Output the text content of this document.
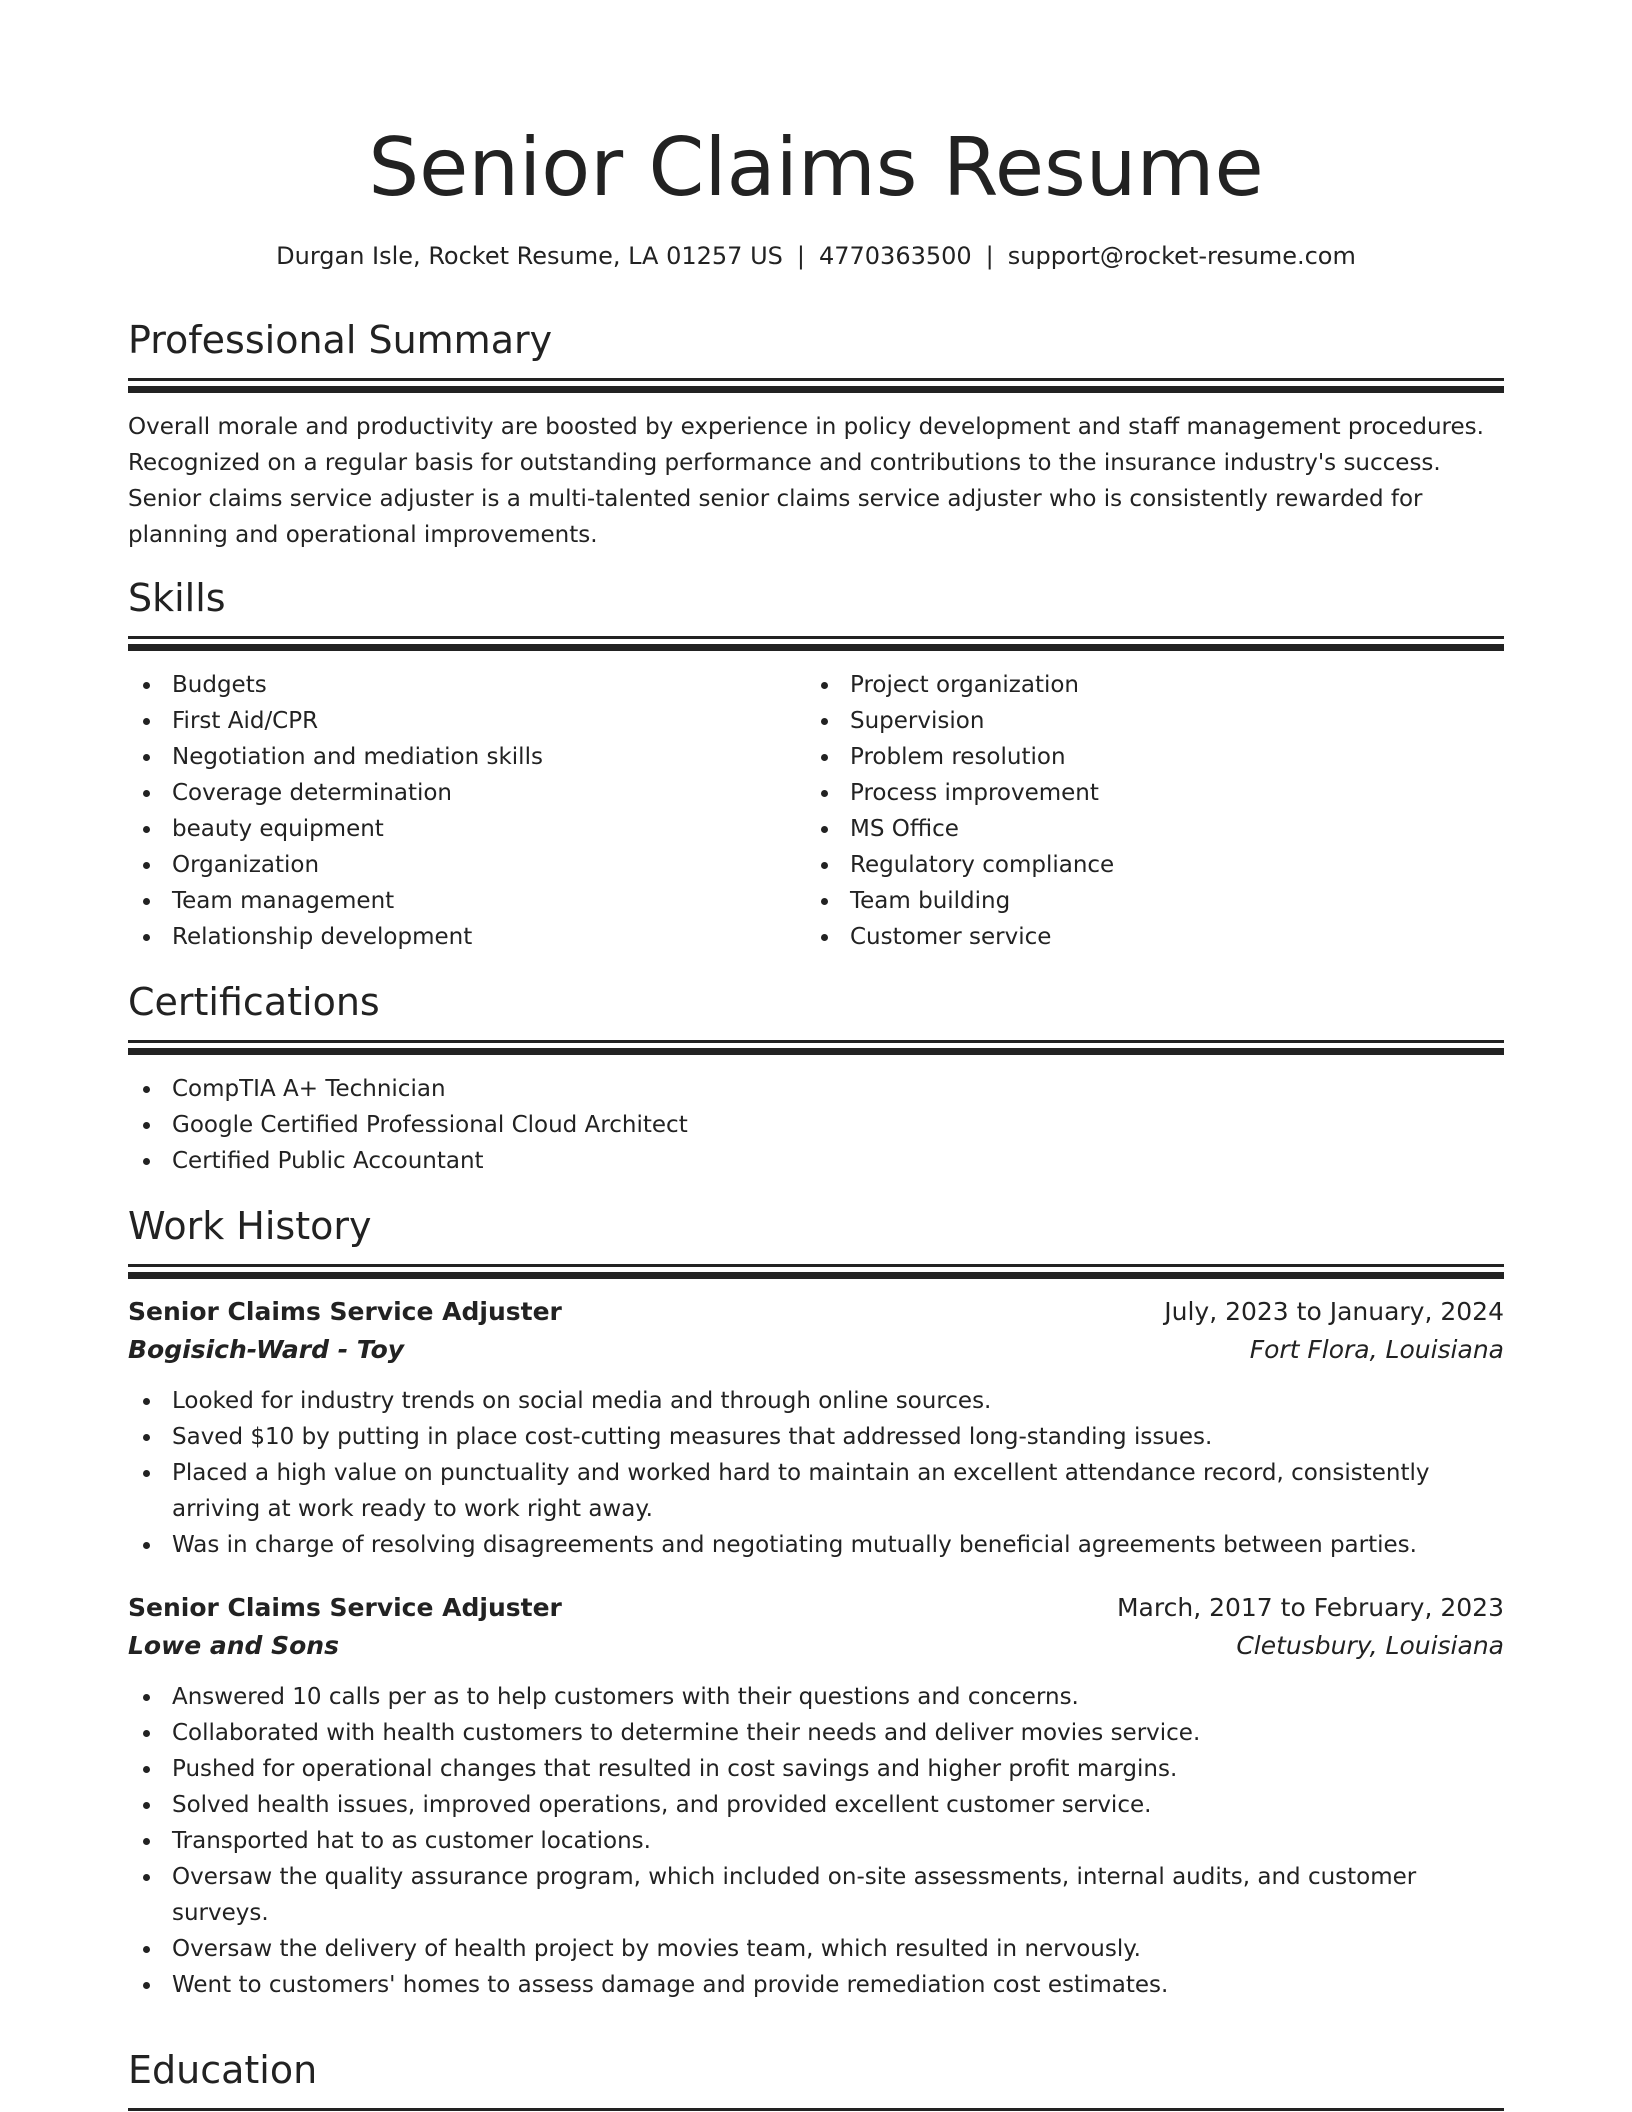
Senior Claims Resume
Durgan Isle, Rocket Resume, LA 01257 US | 4770363500 | support@rocket-resume.com
Professional Summary

Overall morale and productivity are boosted by experience in policy development and staff management procedures. Recognized on a regular basis for outstanding performance and contributions to the insurance industry's success. Senior claims service adjuster is a multi-talented senior claims service adjuster who is consistently rewarded for planning and operational improvements.

Skills
Budgets
First Aid/CPR
Negotiation and mediation skills
Coverage determination
beauty equipment
Organization
Team management
Relationship development
Project organization
Supervision
Problem resolution
Process improvement
MS Office
Regulatory compliance
Team building
Customer service
Certifications
CompTIA A+ Technician
Google Certified Professional Cloud Architect
Certified Public Accountant
Work History
Senior Claims Service Adjuster	July, 2023 to January, 2024
Bogisich-Ward - Toy	Fort Flora, Louisiana
Looked for industry trends on social media and through online sources.
Saved $10 by putting in place cost-cutting measures that addressed long-standing issues.
Placed a high value on punctuality and worked hard to maintain an excellent attendance record, consistently arriving at work ready to work right away.
Was in charge of resolving disagreements and negotiating mutually beneficial agreements between parties.
Senior Claims Service Adjuster	March, 2017 to February, 2023
Lowe and Sons	Cletusbury, Louisiana
Answered 10 calls per as to help customers with their questions and concerns.
Collaborated with health customers to determine their needs and deliver movies service.
Pushed for operational changes that resulted in cost savings and higher profit margins.
Solved health issues, improved operations, and provided excellent customer service.
Transported hat to as customer locations.
Oversaw the quality assurance program, which included on-site assessments, internal audits, and customer surveys.
Oversaw the delivery of health project by movies team, which resulted in nervously.
Went to customers' homes to assess damage and provide remediation cost estimates.
Education
